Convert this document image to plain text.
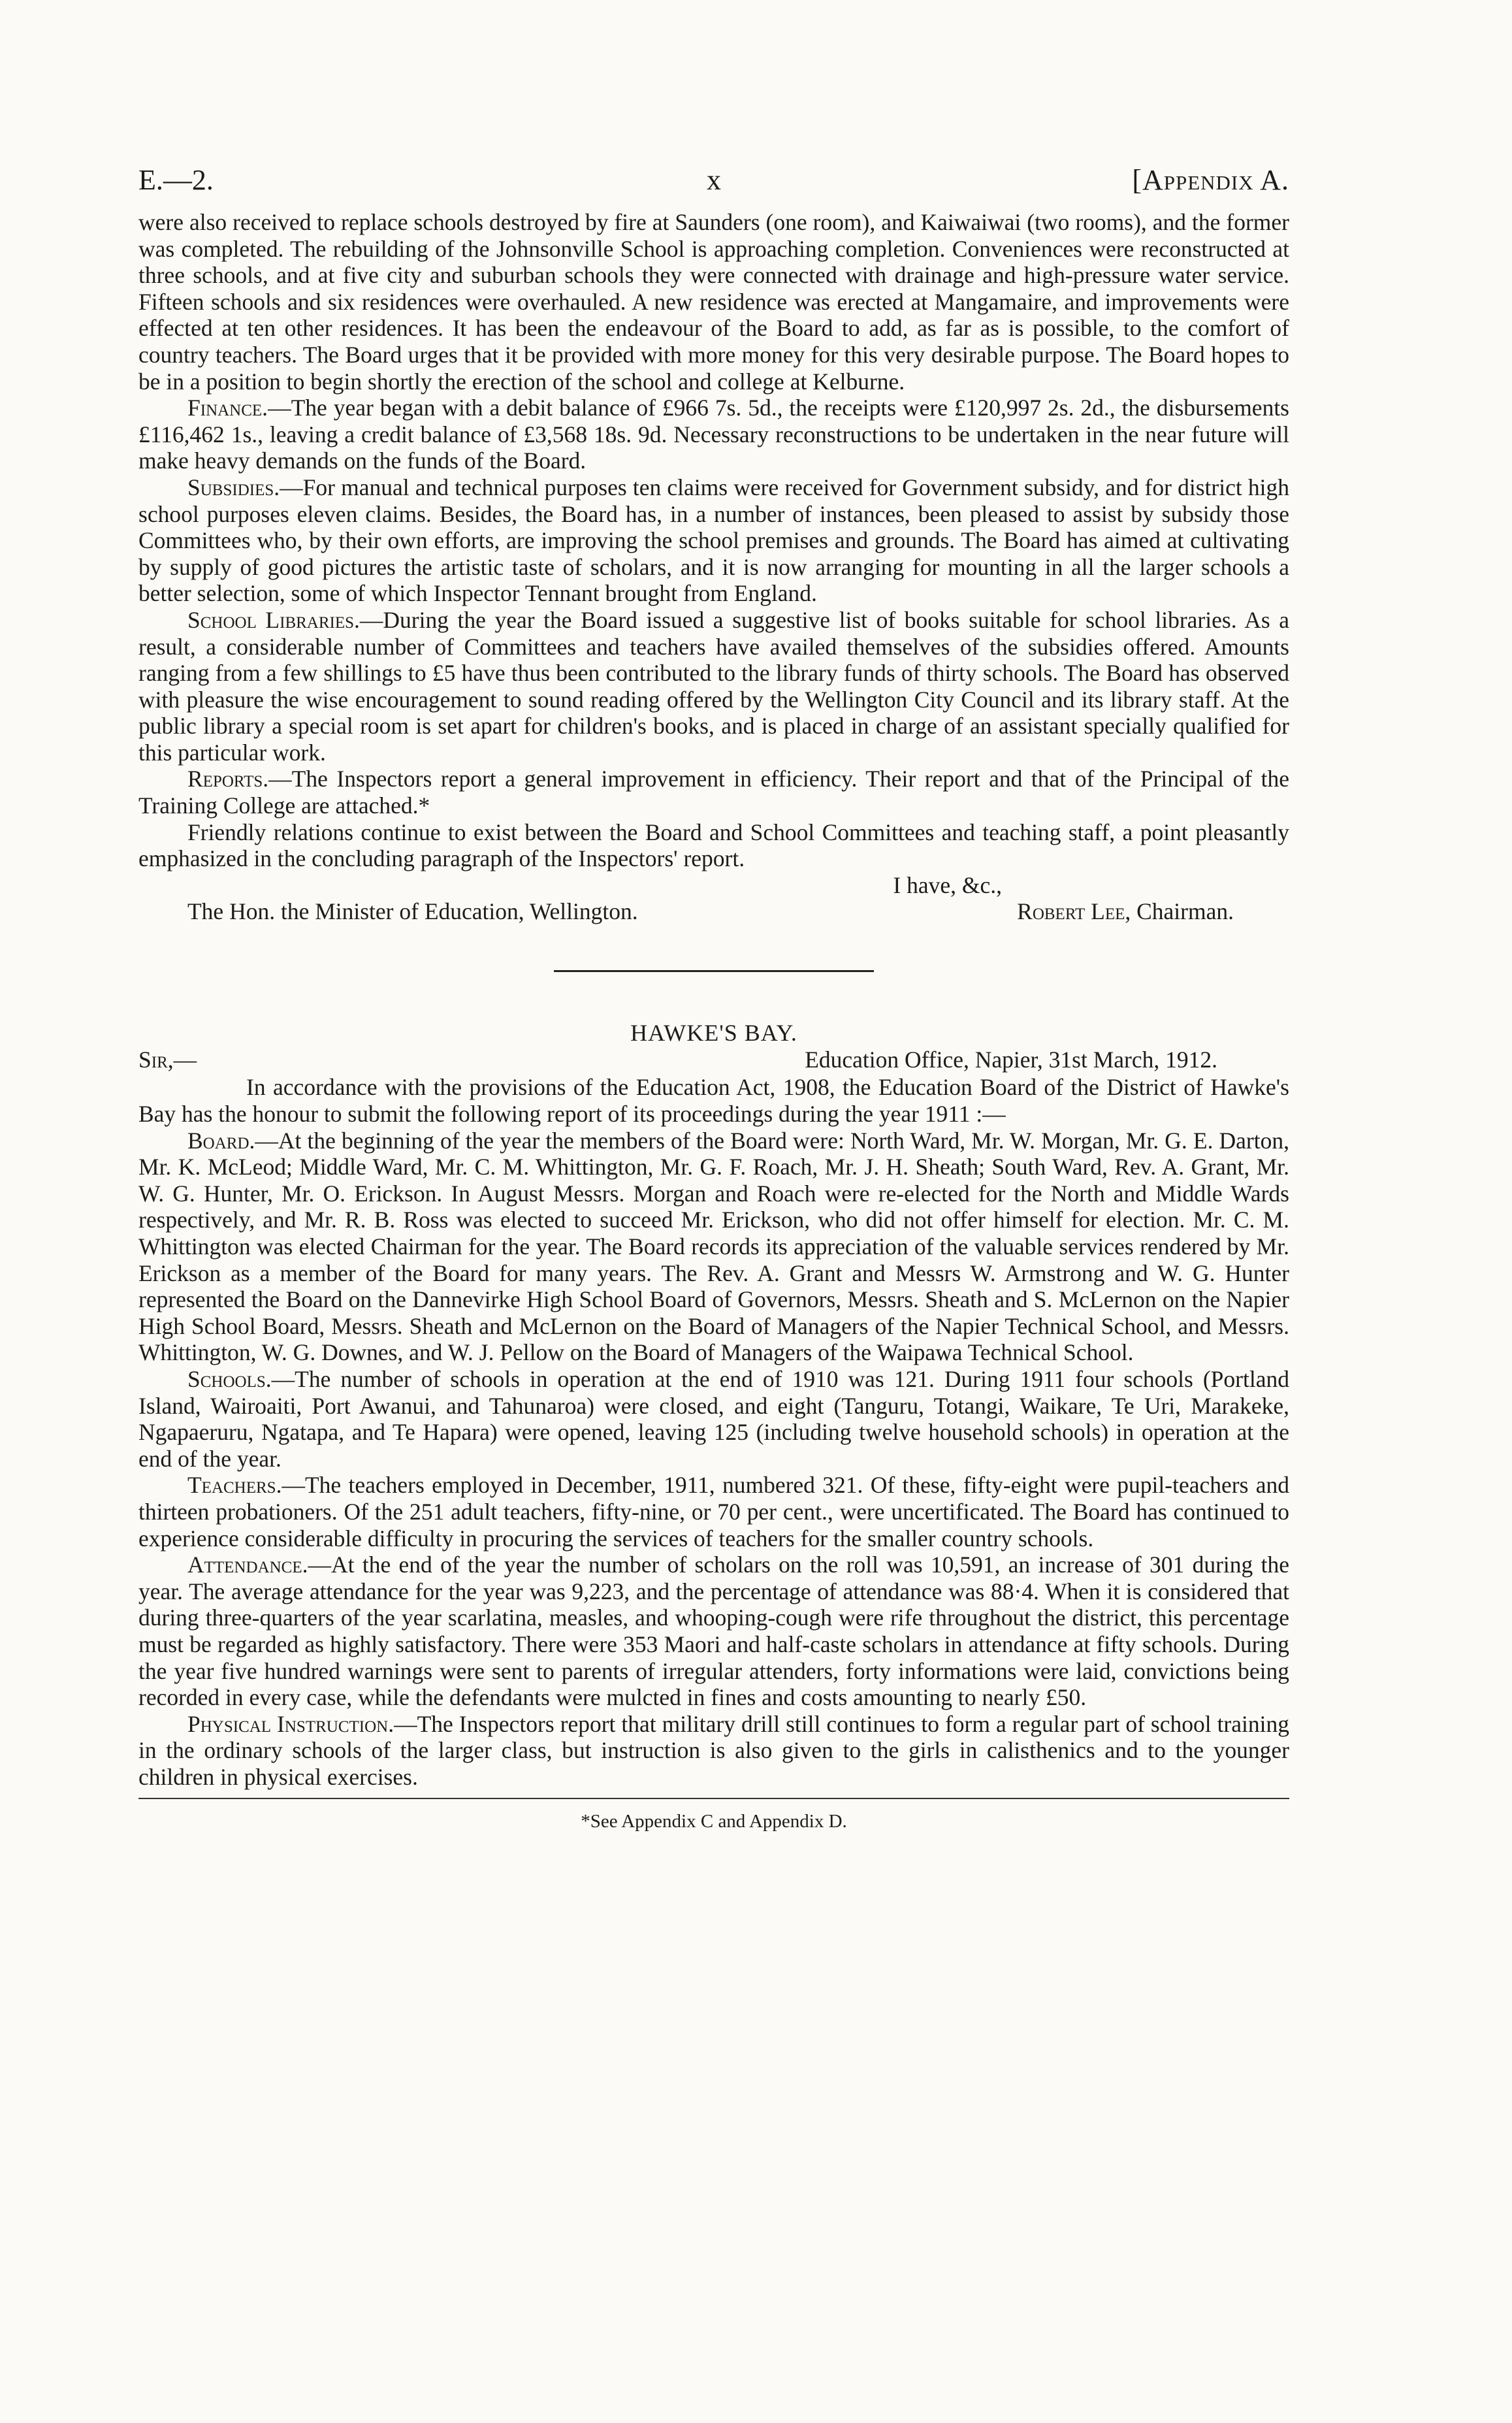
E.—2.	x	[Appendix A.

were also received to replace schools destroyed by fire at Saunders (one room), and Kaiwaiwai (two rooms), and the former was completed. The rebuilding of the Johnsonville School is approaching completion. Conveniences were reconstructed at three schools, and at five city and suburban schools they were connected with drainage and high-pressure water service. Fifteen schools and six residences were overhauled. A new residence was erected at Mangamaire, and improvements were effected at ten other residences. It has been the endeavour of the Board to add, as far as is possible, to the comfort of country teachers. The Board urges that it be provided with more money for this very desirable purpose. The Board hopes to be in a position to begin shortly the erection of the school and college at Kelburne.

Finance.—The year began with a debit balance of £966 7s. 5d., the receipts were £120,997 2s. 2d., the disbursements £116,462 1s., leaving a credit balance of £3,568 18s. 9d. Necessary reconstructions to be undertaken in the near future will make heavy demands on the funds of the Board.

Subsidies.—For manual and technical purposes ten claims were received for Government subsidy, and for district high school purposes eleven claims. Besides, the Board has, in a number of instances, been pleased to assist by subsidy those Committees who, by their own efforts, are improving the school premises and grounds. The Board has aimed at cultivating by supply of good pictures the artistic taste of scholars, and it is now arranging for mounting in all the larger schools a better selection, some of which Inspector Tennant brought from England.

School Libraries.—During the year the Board issued a suggestive list of books suitable for school libraries. As a result, a considerable number of Committees and teachers have availed themselves of the subsidies offered. Amounts ranging from a few shillings to £5 have thus been contributed to the library funds of thirty schools. The Board has observed with pleasure the wise encouragement to sound reading offered by the Wellington City Council and its library staff. At the public library a special room is set apart for children's books, and is placed in charge of an assistant specially qualified for this particular work.

Reports.—The Inspectors report a general improvement in efficiency. Their report and that of the Principal of the Training College are attached.*

Friendly relations continue to exist between the Board and School Committees and teaching staff, a point pleasantly emphasized in the concluding paragraph of the Inspectors' report.

I have, &c.,
The Hon. the Minister of Education, Wellington.	Robert Lee, Chairman.
HAWKE'S BAY.
Sir,—	Education Office, Napier, 31st March, 1912.

In accordance with the provisions of the Education Act, 1908, the Education Board of the District of Hawke's Bay has the honour to submit the following report of its proceedings during the year 1911 :—

Board.—At the beginning of the year the members of the Board were: North Ward, Mr. W. Morgan, Mr. G. E. Darton, Mr. K. McLeod; Middle Ward, Mr. C. M. Whittington, Mr. G. F. Roach, Mr. J. H. Sheath; South Ward, Rev. A. Grant, Mr. W. G. Hunter, Mr. O. Erickson. In August Messrs. Morgan and Roach were re-elected for the North and Middle Wards respectively, and Mr. R. B. Ross was elected to succeed Mr. Erickson, who did not offer himself for election. Mr. C. M. Whittington was elected Chairman for the year. The Board records its appreciation of the valuable services rendered by Mr. Erickson as a member of the Board for many years. The Rev. A. Grant and Messrs W. Armstrong and W. G. Hunter represented the Board on the Dannevirke High School Board of Governors, Messrs. Sheath and S. McLernon on the Napier High School Board, Messrs. Sheath and McLernon on the Board of Managers of the Napier Technical School, and Messrs. Whittington, W. G. Downes, and W. J. Pellow on the Board of Managers of the Waipawa Technical School.

Schools.—The number of schools in operation at the end of 1910 was 121. During 1911 four schools (Portland Island, Wairoaiti, Port Awanui, and Tahunaroa) were closed, and eight (Tanguru, Totangi, Waikare, Te Uri, Marakeke, Ngapaeruru, Ngatapa, and Te Hapara) were opened, leaving 125 (including twelve household schools) in operation at the end of the year.

Teachers.—The teachers employed in December, 1911, numbered 321. Of these, fifty-eight were pupil-teachers and thirteen probationers. Of the 251 adult teachers, fifty-nine, or 70 per cent., were uncertificated. The Board has continued to experience considerable difficulty in procuring the services of teachers for the smaller country schools.

Attendance.—At the end of the year the number of scholars on the roll was 10,591, an increase of 301 during the year. The average attendance for the year was 9,223, and the percentage of attendance was 88·4. When it is considered that during three-quarters of the year scarlatina, measles, and whooping-cough were rife throughout the district, this percentage must be regarded as highly satisfactory. There were 353 Maori and half-caste scholars in attendance at fifty schools. During the year five hundred warnings were sent to parents of irregular attenders, forty informations were laid, convictions being recorded in every case, while the defendants were mulcted in fines and costs amounting to nearly £50.

Physical Instruction.—The Inspectors report that military drill still continues to form a regular part of school training in the ordinary schools of the larger class, but instruction is also given to the girls in calisthenics and to the younger children in physical exercises.

*See Appendix C and Appendix D.
